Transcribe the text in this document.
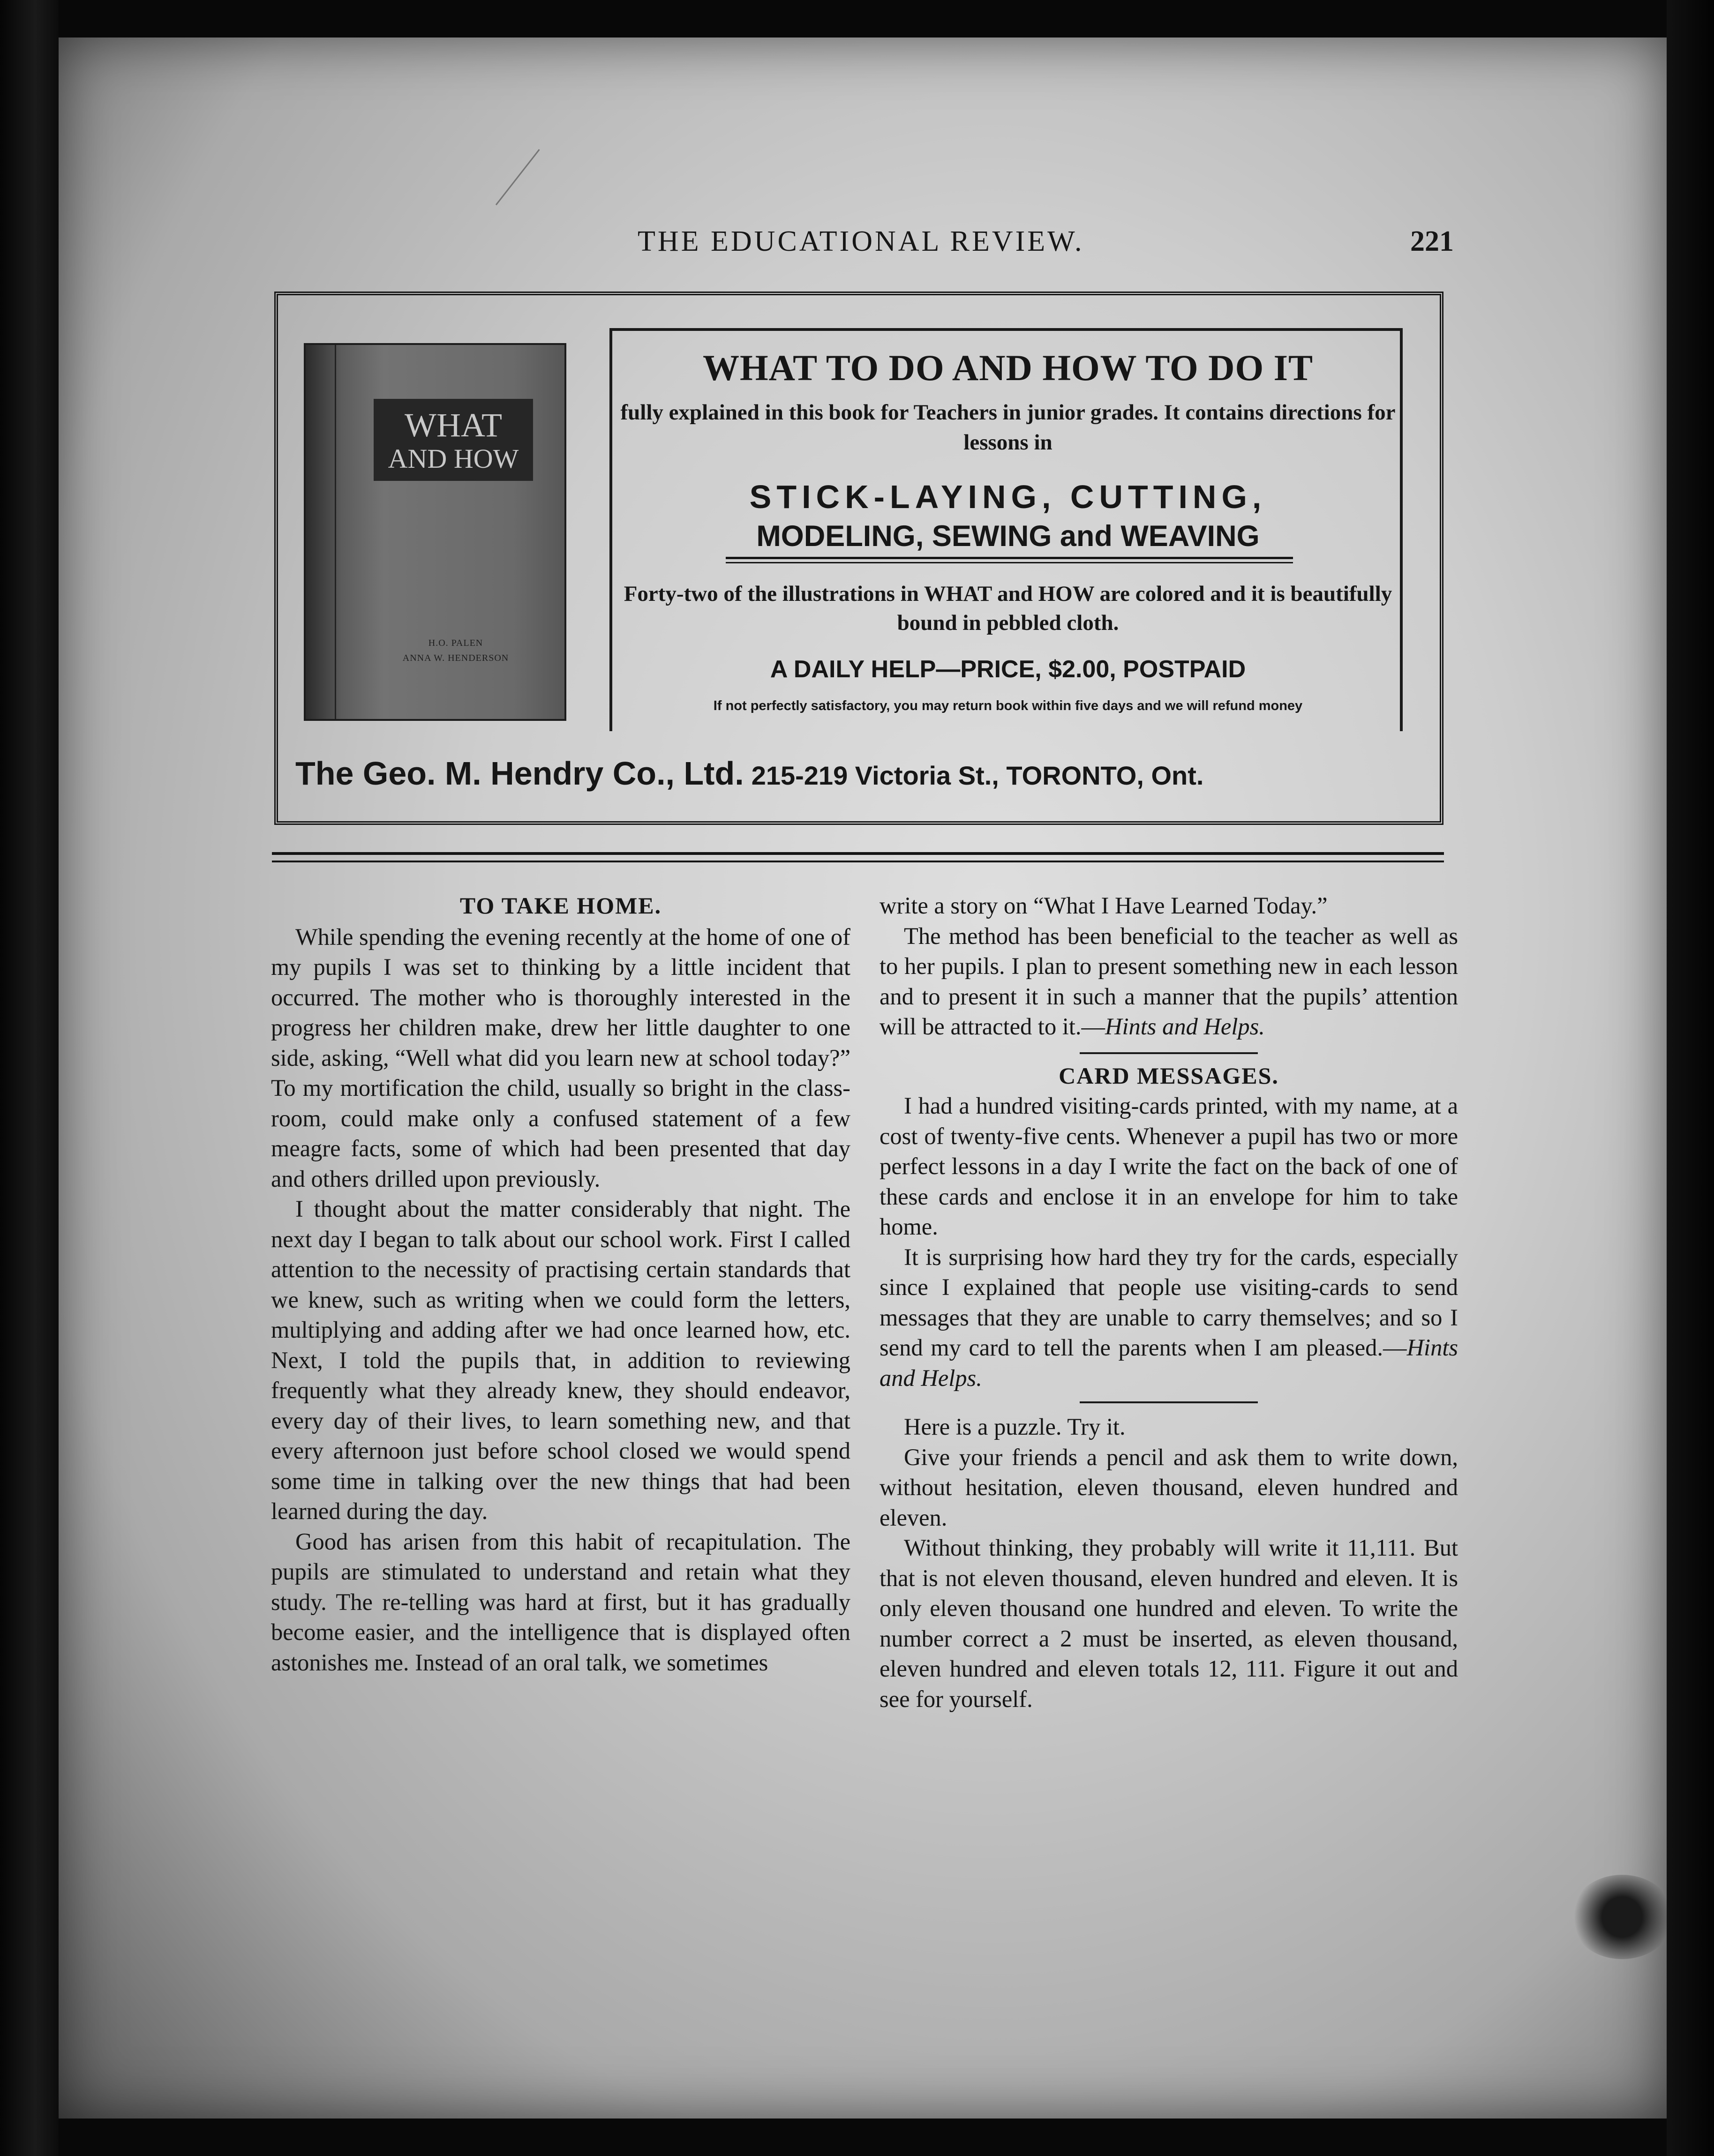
THE EDUCATIONAL REVIEW.	221
WHAT
AND HOW
H.O. PALEN
ANNA W. HENDERSON
WHAT TO DO AND HOW TO DO IT
fully explained in this book for Teachers in junior grades. It contains directions for lessons in
STICK-LAYING, CUTTING,
MODELING, SEWING and WEAVING
Forty-two of the illustrations in WHAT and HOW are colored and it is beautifully bound in pebbled cloth.
A DAILY HELP—PRICE, $2.00, POSTPAID
If not perfectly satisfactory, you may return book within five days and we will refund money
The Geo. M. Hendry Co., Ltd. 215-219 Victoria St., TORONTO, Ont.
TO TAKE HOME.

While spending the evening recently at the home of one of my pupils I was set to thinking by a little incident that occurred. The mother who is thoroughly interested in the progress her children make, drew her little daughter to one side, asking, “Well what did you learn new at school today?” To my mortification the child, usually so bright in the class-room, could make only a confused statement of a few meagre facts, some of which had been presented that day and others drilled upon previously.

I thought about the matter considerably that night. The next day I began to talk about our school work. First I called attention to the necessity of practising certain standards that we knew, such as writing when we could form the letters, multiplying and adding after we had once learned how, etc. Next, I told the pupils that, in addition to reviewing frequently what they already knew, they should endeavor, every day of their lives, to learn something new, and that every afternoon just before school closed we would spend some time in talking over the new things that had been learned during the day.

Good has arisen from this habit of recapitulation. The pupils are stimulated to understand and retain what they study. The re-telling was hard at first, but it has gradually become easier, and the intelligence that is displayed often astonishes me. Instead of an oral talk, we sometimes

write a story on “What I Have Learned Today.”

The method has been beneficial to the teacher as well as to her pupils. I plan to present something new in each lesson and to present it in such a manner that the pupils’ attention will be attracted to it.—Hints and Helps.

CARD MESSAGES.

I had a hundred visiting-cards printed, with my name, at a cost of twenty-five cents. Whenever a pupil has two or more perfect lessons in a day I write the fact on the back of one of these cards and enclose it in an envelope for him to take home.

It is surprising how hard they try for the cards, especially since I explained that people use visiting-cards to send messages that they are unable to carry themselves; and so I send my card to tell the parents when I am pleased.—Hints and Helps.

Here is a puzzle. Try it.

Give your friends a pencil and ask them to write down, without hesitation, eleven thousand, eleven hundred and eleven.

Without thinking, they probably will write it 11,111. But that is not eleven thousand, eleven hundred and eleven. It is only eleven thousand one hundred and eleven. To write the number correct a 2 must be inserted, as eleven thousand, eleven hundred and eleven totals 12, 111. Figure it out and see for yourself.
